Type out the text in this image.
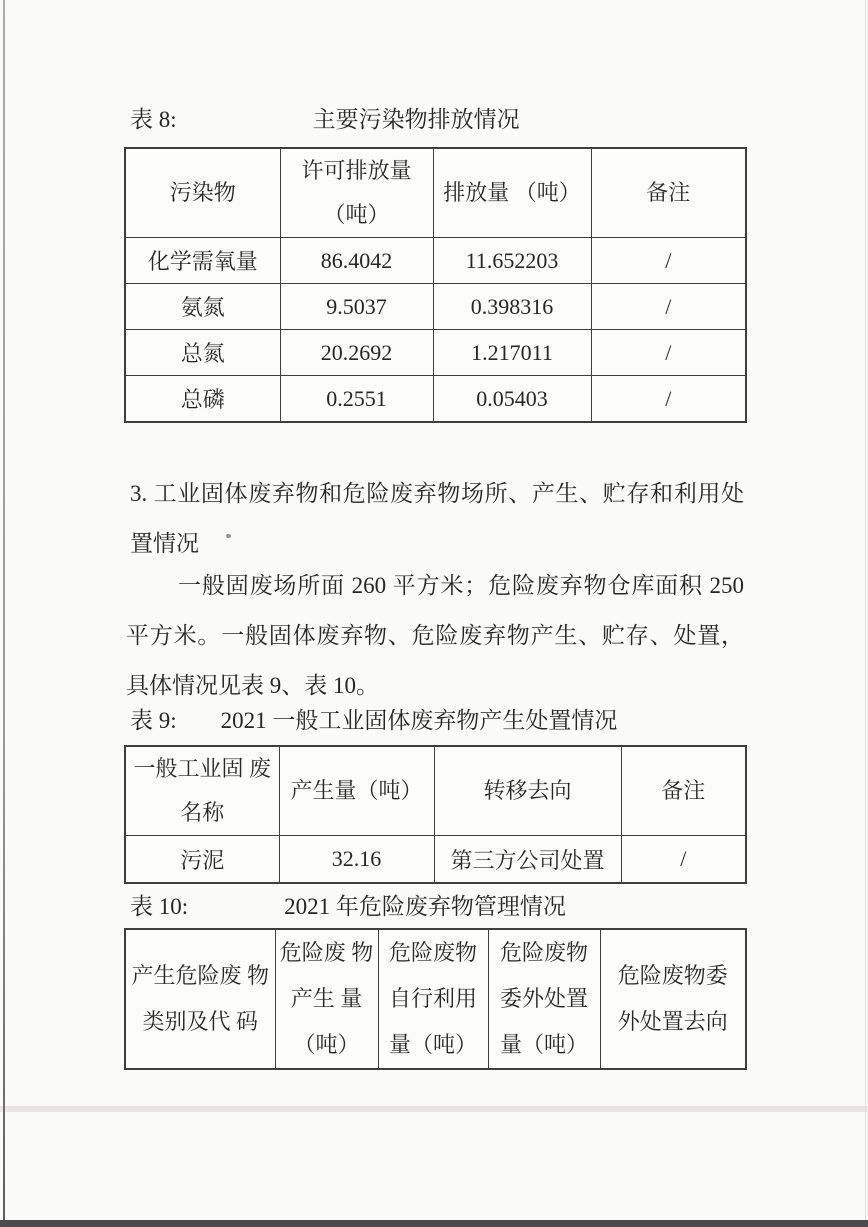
表 8:	主要污染物排放情况
污染物	许可排放量 （吨）	排放量 （吨）	备注
化学需氧量	86.4042	11.652203	/
氨氮	9.5037	0.398316	/
总氮	20.2692	1.217011	/
总磷	0.2551	0.05403	/
3. 工业固体废弃物和危险废弃物场所、产生、贮存和利用处置情况
一般固废场所面 260 平方米；危险废弃物仓库面积 250 平方米。一般固体废弃物、危险废弃物产生、贮存、处置，具体情况见表 9、表 10。
表 9: 2021 一般工业固体废弃物产生处置情况
一般工业固 废名称	产生量（吨）	转移去向	备注
污泥	32.16	第三方公司处置	/
表 10:	2021 年危险废弃物管理情况
产生危险废 物类别及代 码	危险废 物产生 量（吨）	危险废物 自行利用 量（吨）	危险废物 委外处置 量（吨）	危险废物委 外处置去向
